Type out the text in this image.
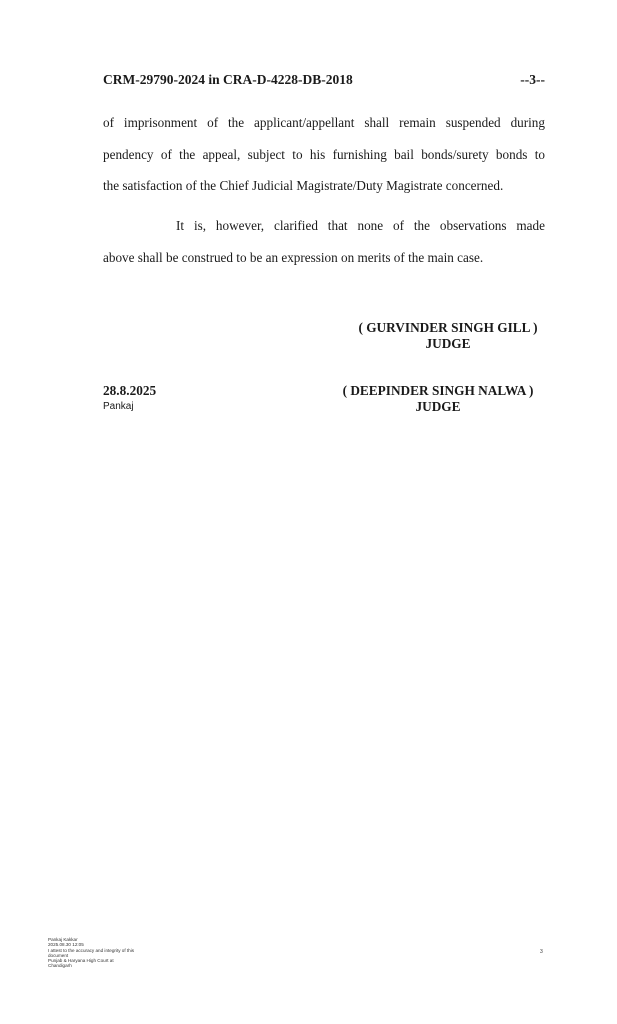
CRM-29790-2024 in CRA-D-4228-DB-2018	--3--
of imprisonment of the applicant/appellant shall remain suspended during
pendency of the appeal, subject to his furnishing bail bonds/surety bonds to
the satisfaction of the Chief Judicial Magistrate/Duty Magistrate concerned.
It is, however, clarified that none of the observations made
above shall be construed to be an expression on merits of the main case.
( GURVINDER SINGH GILL )
JUDGE
28.8.2025
Pankaj
( DEEPINDER SINGH NALWA )
JUDGE
Pankaj Kakkar
2025.08.30 12:05
I attest to the accuracy and integrity of this
document
Punjab & Haryana High Court at
Chandigarh
3
